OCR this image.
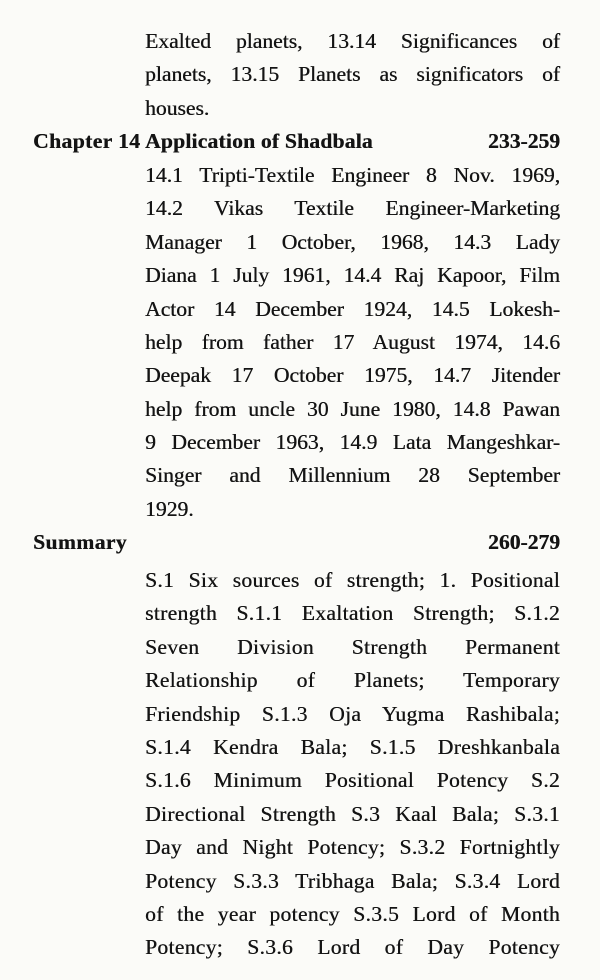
Exalted planets, 13.14 Significances of
planets, 13.15 Planets as significators of
houses.
Chapter 14 Application of Shadbala	233-259
14.1 Tripti-Textile Engineer 8 Nov. 1969,
14.2 Vikas Textile Engineer-Marketing
Manager 1 October, 1968, 14.3 Lady
Diana 1 July 1961, 14.4 Raj Kapoor, Film
Actor 14 December 1924, 14.5 Lokesh-
help from father 17 August 1974, 14.6
Deepak 17 October 1975, 14.7 Jitender
help from uncle 30 June 1980, 14.8 Pawan
9 December 1963, 14.9 Lata Mangeshkar-
Singer and Millennium 28 September
1929.
Summary	260-279
S.1 Six sources of strength; 1. Positional
strength S.1.1 Exaltation Strength; S.1.2
Seven Division Strength Permanent
Relationship of Planets; Temporary
Friendship S.1.3 Oja Yugma Rashibala;
S.1.4 Kendra Bala; S.1.5 Dreshkanbala
S.1.6 Minimum Positional Potency S.2
Directional Strength S.3 Kaal Bala; S.3.1
Day and Night Potency; S.3.2 Fortnightly
Potency S.3.3 Tribhaga Bala; S.3.4 Lord
of the year potency S.3.5 Lord of Month
Potency; S.3.6 Lord of Day Potency
